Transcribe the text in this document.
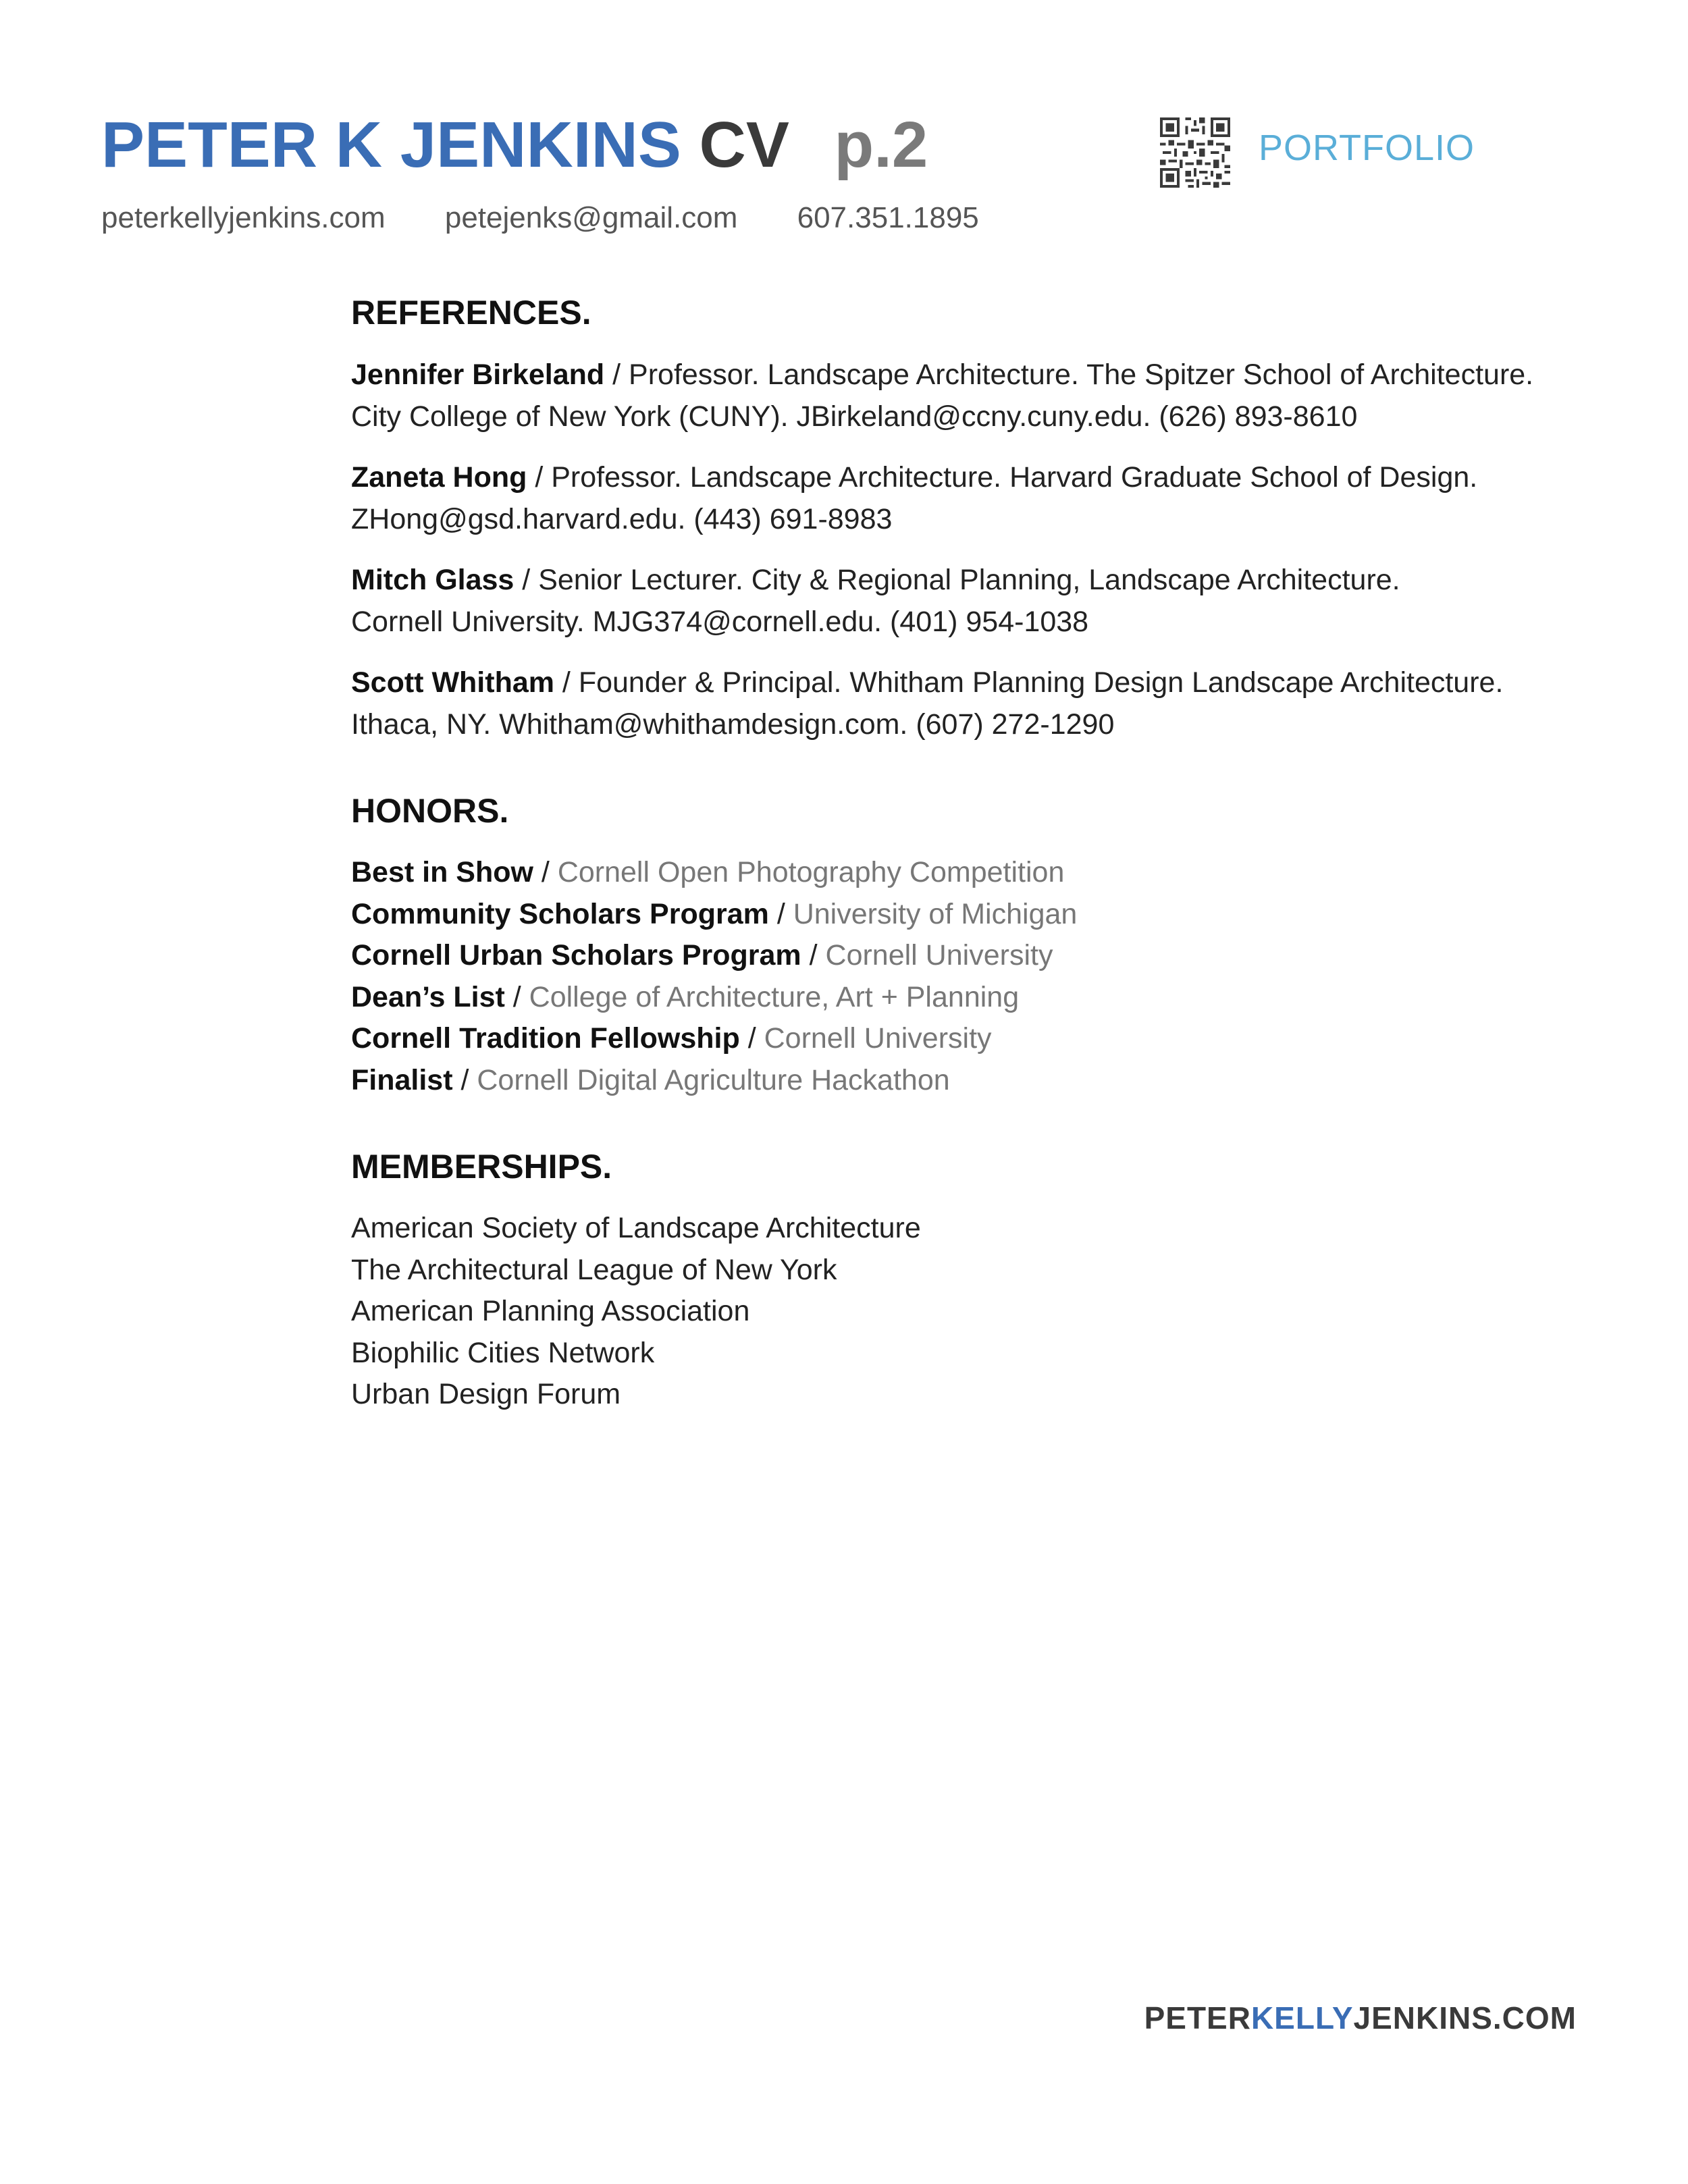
PETER K JENKINS CV p.2	PORTFOLIO
peterkellyjenkins.com petejenks@gmail.com 607.351.1895
REFERENCES.
Jennifer Birkeland / Professor. Landscape Architecture. The Spitzer School of Architecture.
City College of New York (CUNY). JBirkeland@ccny.cuny.edu. (626) 893-8610
Zaneta Hong / Professor. Landscape Architecture. Harvard Graduate School of Design.
ZHong@gsd.harvard.edu. (443) 691-8983
Mitch Glass / Senior Lecturer. City & Regional Planning, Landscape Architecture.
Cornell University. MJG374@cornell.edu. (401) 954-1038
Scott Whitham / Founder & Principal. Whitham Planning Design Landscape Architecture.
Ithaca, NY. Whitham@whithamdesign.com. (607) 272-1290
HONORS.
Best in Show / Cornell Open Photography Competition
Community Scholars Program / University of Michigan
Cornell Urban Scholars Program / Cornell University
Dean’s List / College of Architecture, Art + Planning
Cornell Tradition Fellowship / Cornell University
Finalist / Cornell Digital Agriculture Hackathon
MEMBERSHIPS.
American Society of Landscape Architecture
The Architectural League of New York
American Planning Association
Biophilic Cities Network
Urban Design Forum
PETERKELLYJENKINS.COM
